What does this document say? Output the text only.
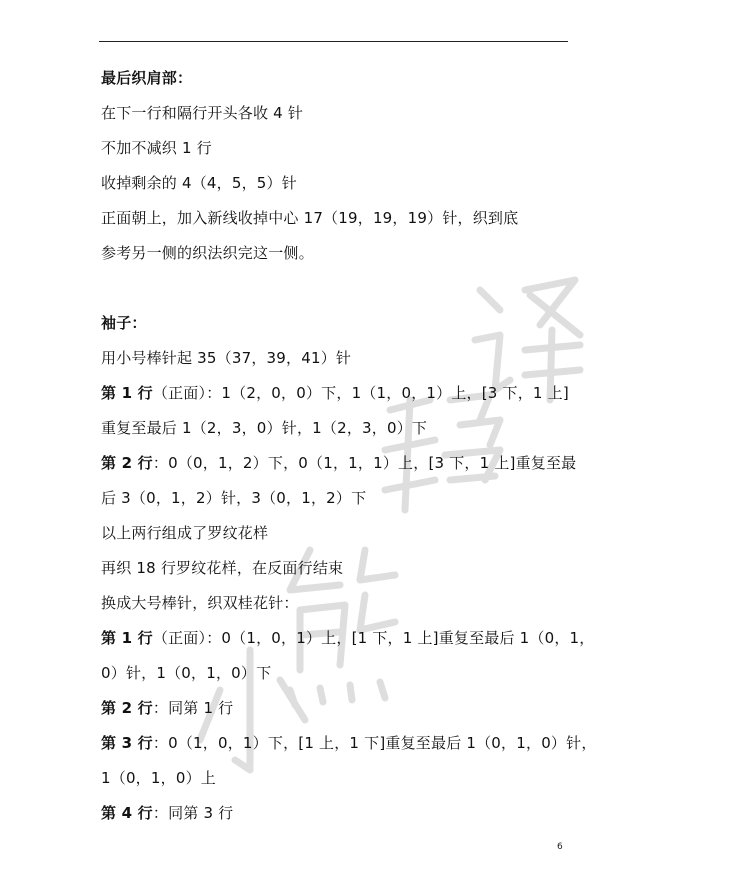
最后织肩部：
在下一行和隔行开头各收 4 针
不加不减织 1 行
收掉剩余的 4（4，5，5）针
正面朝上，加入新线收掉中心 17（19，19，19）针，织到底
参考另一侧的织法织完这一侧。
袖子：
用小号棒针起 35（37，39，41）针
第 1 行（正面）：1（2，0，0）下，1（1，0，1）上，[3 下，1 上]
重复至最后 1（2，3，0）针，1（2，3，0）下
第 2 行：0（0，1，2）下，0（1，1，1）上，[3 下，1 上]重复至最
后 3（0，1，2）针，3（0，1，2）下
以上两行组成了罗纹花样
再织 18 行罗纹花样，在反面行结束
换成大号棒针，织双桂花针：
第 1 行（正面）：0（1，0，1）上，[1 下，1 上]重复至最后 1（0，1，
0）针，1（0，1，0）下
第 2 行：同第 1 行
第 3 行：0（1，0，1）下，[1 上，1 下]重复至最后 1（0，1，0）针，
1（0，1，0）上
第 4 行：同第 3 行
6
